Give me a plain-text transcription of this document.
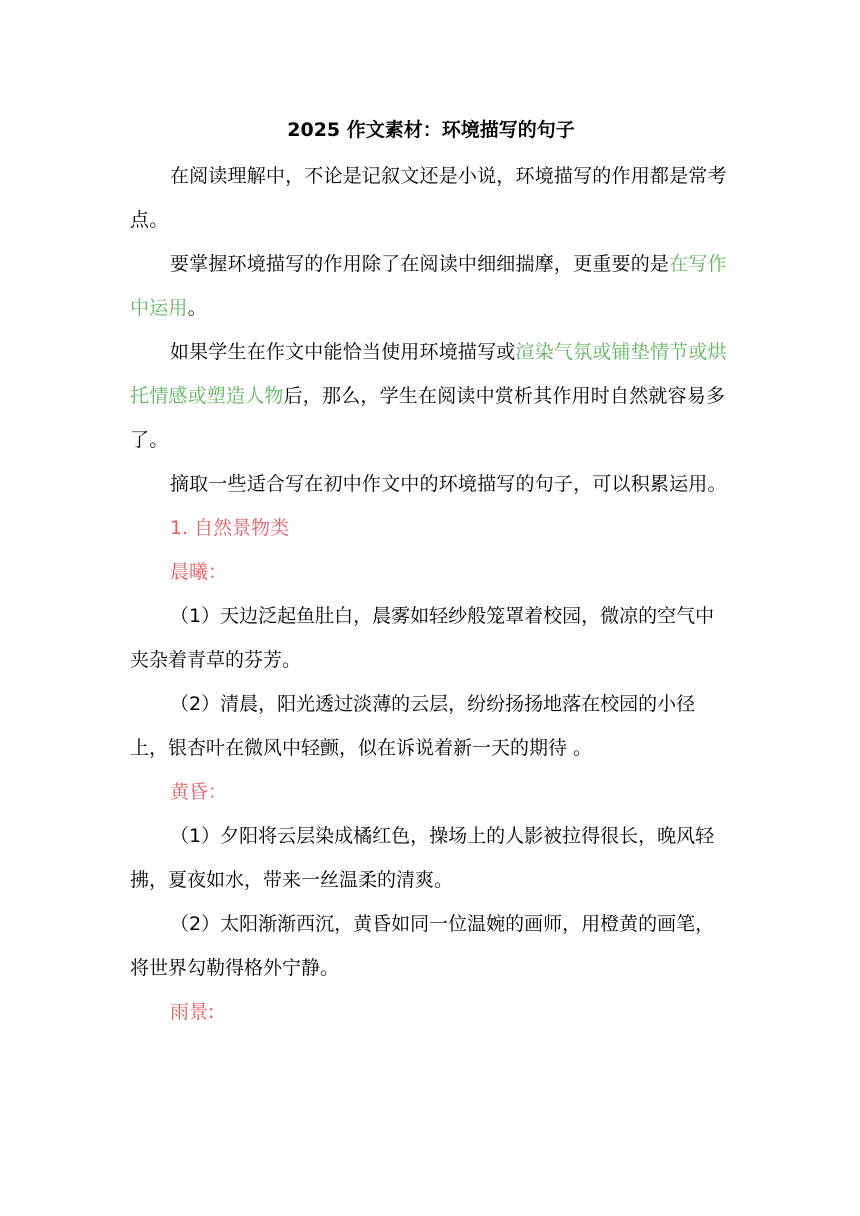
2025 作文素材：环境描写的句子

在阅读理解中，不论是记叙文还是小说，环境描写的作用都是常考点。

要掌握环境描写的作用除了在阅读中细细揣摩，更重要的是在写作中运用。

如果学生在作文中能恰当使用环境描写或渲染气氛或铺垫情节或烘托情感或塑造人物后，那么，学生在阅读中赏析其作用时自然就容易多了。

摘取一些适合写在初中作文中的环境描写的句子，可以积累运用。

1. 自然景物类

晨曦：

（1）天边泛起鱼肚白，晨雾如轻纱般笼罩着校园，微凉的空气中夹杂着青草的芬芳。

（2）清晨，阳光透过淡薄的云层，纷纷扬扬地落在校园的小径上，银杏叶在微风中轻颤，似在诉说着新一天的期待 。

黄昏：

（1）夕阳将云层染成橘红色，操场上的人影被拉得很长，晚风轻拂，夏夜如水，带来一丝温柔的清爽。

（2）太阳渐渐西沉，黄昏如同一位温婉的画师，用橙黄的画笔，将世界勾勒得格外宁静。

雨景:
